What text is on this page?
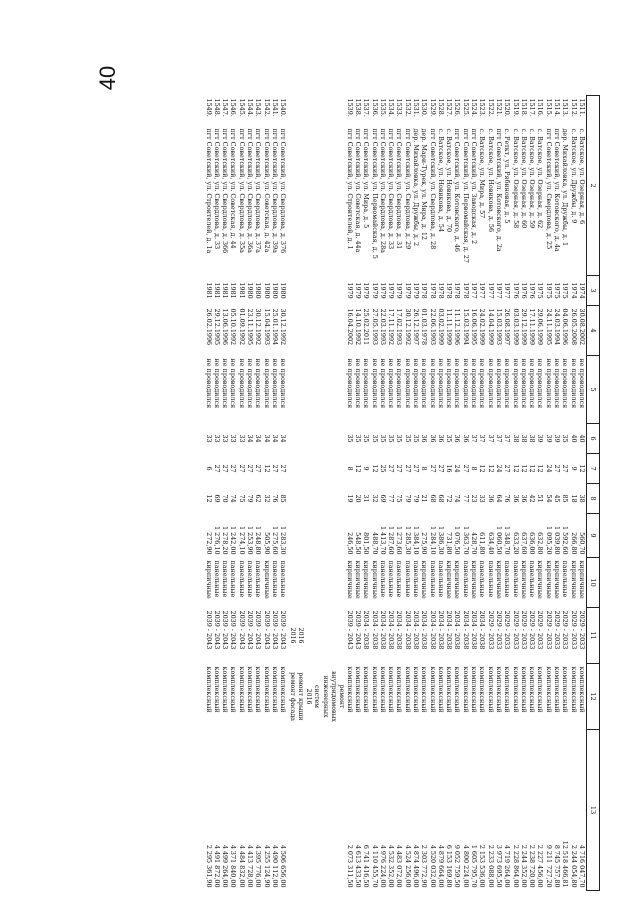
40
2		3	4	5	6	7	8	9	10	11	12	13
1511.	с. Ватское, ул. Озерная, д. 6	1974	30.08.2002	не проводился	40	12	38	560,70	кирпичные	2029 - 2033	комплексный	4 716 047,70
1512.	с. Ватское, ул. Дружбы, д. 9	1974	26.05.2008	не проводился	40	9	18	266,80	кирпичные	2029 - 2033	комплексный	2 244 054,80
1513.	дер. Михайловка, ул. Дружбы, д. 1	1975	04.06.1996	не проводился	35	27	85	1 592,60	панельные	2029 - 2033	комплексный	12 518 466,81
1514.	пгт Советский, ул. Котовского, д. 4а	1975	24.03.1994	не проводился	39	27	45	1 039,80	кирпичные	2029 - 2033	комплексный	8 745 757,80
1515.	пгт Советский, ул. Свердлова, д. 25	1975	24.11.1995	не проводился	39	24	54	1 095,20	кирпичные	2029 - 2033	комплексный	9 211 727,20
1516.	с. Ватское, ул. Озерная, д. 62	1975	29.06.1999	не проводился	39	12	51	632,80	кирпичные	2029 - 2033	комплексный	2 227 456,00
1517.	с. Ватское, ул. Озерная, д. 59	1976	17.11.1999	не проводился	38	12	42	636,00	панельные	2029 - 2033	комплексный	2 238 720,00
1518.	с. Ватское, ул. Озерная, д. 60	1976	29.12.1999	не проводился	38	12	36	637,60	кирпичные	2029 - 2033	комплексный	2 244 352,00
1519.	с. Ватское, ул. Озерная, д. 58	1976	03.03.1999	не проводился	38	12	36	633,20	панельные	2029 - 2033	комплексный	2 228 864,00
1520.	с. Реткт, ул. Рябиновая, д. 5	1977	26.08.1997	не проводился	37	27	76	1 348,70	панельные	2029 - 2033	комплексный	4 719 264,00
1521.	пгт Советский, ул. Котовского, д. 2а	1977	15.03.1993	не проводился	37	24	64	1 060,50	кирпичные	2029 - 2033	комплексный	3 973 695,50
1522.	с. Ватское, ул. Новикова, д. 56	1977	14.04.1999	не проводился	37	12	36	634,40	панельные	2029 - 2033	комплексный	2 233 088,00
1523.	с. Ватское, ул. Мира, д. 57	1977	24.02.1999	не проводился	37	12	33	611,80	панельные	2034 - 2038	комплексный	2 153 536,00
1524.	пгт Советский, ул. Заводская, д. 2	1977	16.06.1995	не проводился	37	8	23	428,70	кирпичные	2034 - 2038	комплексный	1 605 795,70
1525.	пгт Советский, ул. Первомайская, д. 27	1978	15.03.1994	не проводился	36	27	77	1 363,70	панельные	2034 - 2038	комплексный	4 800 224,00
1526.	пгт Советский, ул. Котовского, д. 46	1978	11.12.1996	не проводился	36	24	74	1 076,50	кирпичные	2034 - 2038	комплексный	9 052 759,50
1527.	с. Ватское, ул. Новикова, д. 70	1978	11.11.1999	не проводился	35	16	72	731,80	кирпичные	2034 - 2038	комплексный	6 153 169,80
1528.	с. Ватское, ул. Новикова, д. 54	1978	03.02.1999	не проводился	36	27	68	1 386,30	панельные	2034 - 2038	комплексный	4 879 664,00
1529.	пгт Советский, ул. Свердлова, д. 28	1978	22.06.1993	не проводился	36	27	68	1 284,10	панельные	2034 - 2038	комплексный	4 520 032,00
1530.	дер. Мари-Турек, ул. Мира, д. 12	1978	01.03.1978	не проводился	36	8	21	275,90	кирпичные	2034 - 2038	комплексный	2 303 772,90
1531.	дер. Михайловка, ул. Дружбы, д. 2	1979	26.12.1997	не проводился	35	27	79	1 384,10	панельные	2034 - 2038	комплексный	4 874 496,00
1532.	пгт Советский, ул. Свердлова, д. 29	1979	30.12.1992	не проводился	35	27	79	1 285,30	панельные	2034 - 2038	комплексный	4 524 256,00
1533.	пгт Советский, ул. Свердлова, д. 31	1979	17.02.1993	не проводился	35	27	75	1 273,60	панельные	2034 - 2038	комплексный	4 483 072,00
1534.	пгт Советский, ул. Свердлова, д. 33	1979	17.11.1992	не проводился	35	27	77	1 287,60	панельные	2034 - 2038	комплексный	4 532 352,00
1535.	пгт Советский, ул. Свердлова, д. 28а	1979	22.03.1993	не проводился	35	25	69	1 413,70	панельные	2034 - 2038	комплексный	4 976 224,00
1536.	пгт Советский, ул. Первомайская, д. 5	1979	27.05.1993	не проводился	35	12	32	488,70	кирпичные	2034 - 2038	комплексный	4 110 455,70
1537.	пгт Советский, ул. Мира, д. 5	1979	25.02.2011	не проводился	35	9	31	801,50	кирпичные	2034 - 2038	комплексный	6 741 416,50
1538.	пгт Советский, ул. Советская, д. 44а	1979	14.10.1992	не проводился	35	12	20	548,50	кирпичные	2039 - 2043	комплексный	4 613 433,50
1539.	пгт Советский, ул. Строителей, д. 1	1979	16.04.2002	не проводился	35	8	19	246,50	кирпичные	2039 - 2043	комплексный	2 073 311,50
											ремонт	
											внутридомовых	
											инженерных	
											систем	
											2016	
										2016	ремонт крыши	
										2016	ремонт фасада	
1540.	пгт Советский, ул. Свердлова, д. 376	1980	30.12.1992	не проводился	34	27	85	1 283,30	панельные	2039 - 2043	комплексный	4 506 656,00
1541.	пгт Советский, ул. Свердлова, д. 39а	1980	25.01.1994	не проводился	34	27	76	1 275,60	панельные	2039 - 2043	комплексный	4 490 112,00
1542.	пгт Советский, ул. Советская, д. 42а	1980	15.04.1993	не проводился	34	12	32	505,90	кирпичные	2039 - 2043	комплексный	4 255 124,90
1543.	пгт Советский, ул. Свердлова, д. 37а	1980	30.12.1992	не проводился	34	27	62	1 248,80	панельные	2039 - 2043	комплексный	4 395 776,00
1544.	пгт Советский, ул. Свердлова, д. 36а	1980	23.11.1995	не проводился	34	27	79	1 253,90	панельные	2039 - 2043	комплексный	4 413 728,00
1545.	пгт Советский, ул. Свердлова, д. 35а	1981	01.09.1992	не проводился	33	27	75	1 274,10	панельные	2039 - 2043	комплексный	4 484 832,00
1546.	пгт Советский, ул. Советская, д. 44	1981	05.10.1992	не проводился	33	27	74	1 242,00	панельные	2039 - 2043	комплексный	4 371 840,00
1547.	пгт Советский, ул. Свердлова, д. 366	1981	13.06.1996	не проводился	33	27	70	1 278,20	панельные	2039 - 2043	комплексный	4 499 264,00
1548.	пгт Советский, ул. Свердлова, д. 33	1981	29.12.1995	не проводился	33	27	69	1 276,10	панельные	2039 - 2043	комплексный	4 491 872,00
1549.	пгт Советский, ул. Строителей, д. 1а	1981	26.02.1996	не проводился	33	6	12	272,90	кирпичные	2039 - 2043	комплексный	2 295 361,90
